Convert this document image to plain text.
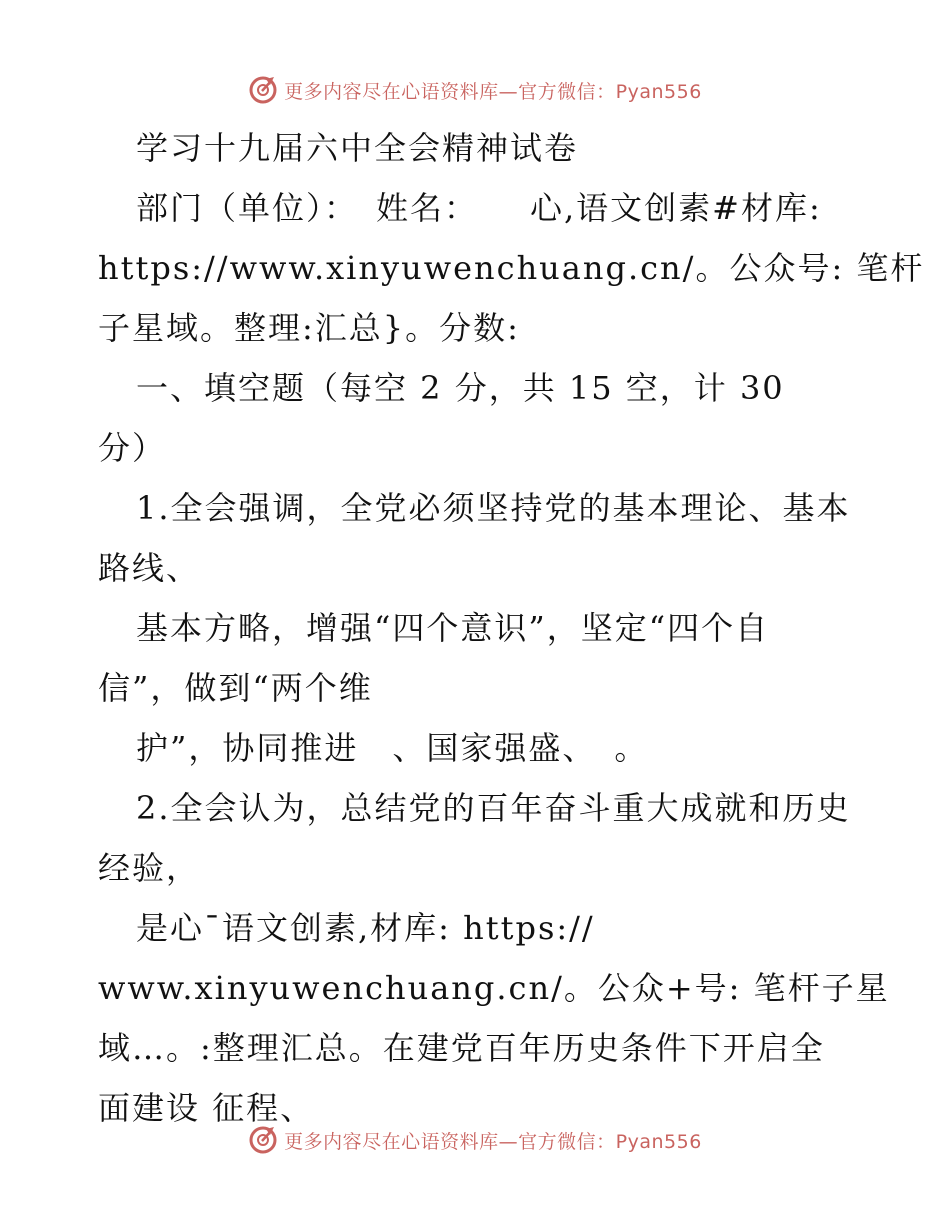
更多内容尽在心语资料库—官方微信：Pyan556
学习十九届六中全会精神试卷
部门（单位）：　姓名：　　心,语文创素#材库:
https://www.xinyuwenchuang.cn/。公众号: 笔杆
子星域。整理:汇总}。分数:
一、填空题（每空 2 分，共 15 空，计 30
分）
1.全会强调，全党必须坚持党的基本理论、基本
路线、
基本方略，增强“四个意识”，坚定“四个自
信”，做到“两个维
护”，协同推进　、国家强盛、　。
2.全会认为，总结党的百年奋斗重大成就和历史
经验，
是心¯语文创素,材库: https://
www.xinyuwenchuang.cn/。公众+号: 笔杆子星
域…。:整理汇总。在建党百年历史条件下开启全
面建设 征程、
更多内容尽在心语资料库—官方微信：Pyan556
